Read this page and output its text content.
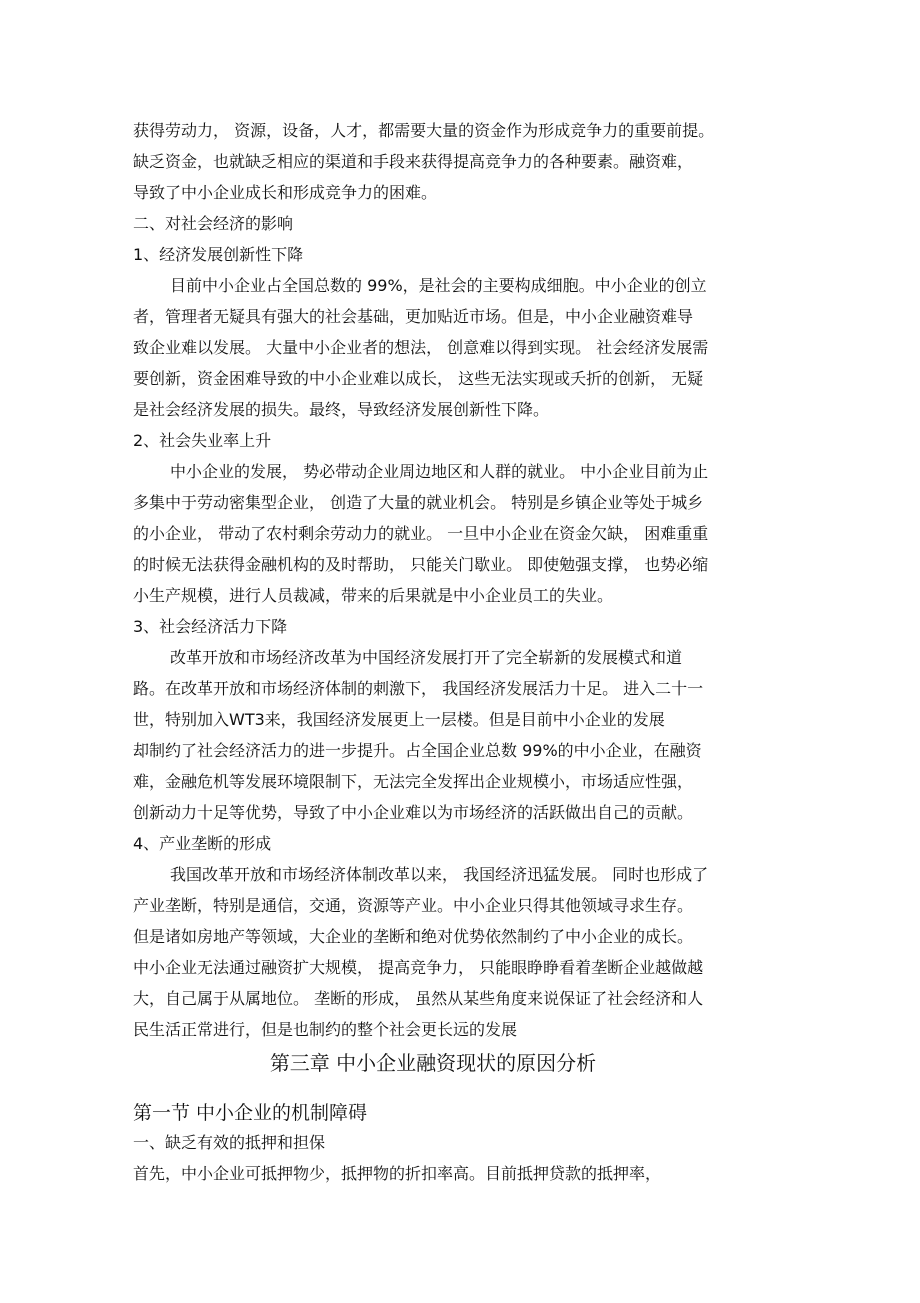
获得劳动力， 资源，设备，人才，都需要大量的资金作为形成竞争力的重要前提。
缺乏资金，也就缺乏相应的渠道和手段来获得提高竞争力的各种要素。融资难，
导致了中小企业成长和形成竞争力的困难。
二、对社会经济的影响
1、经济发展创新性下降
目前中小企业占全国总数的 99%，是社会的主要构成细胞。中小企业的创立
者，管理者无疑具有强大的社会基础，更加贴近市场。但是，中小企业融资难导
致企业难以发展。 大量中小企业者的想法， 创意难以得到实现。 社会经济发展需
要创新，资金困难导致的中小企业难以成长， 这些无法实现或夭折的创新， 无疑
是社会经济发展的损失。最终，导致经济发展创新性下降。
2、社会失业率上升
中小企业的发展， 势必带动企业周边地区和人群的就业。 中小企业目前为止
多集中于劳动密集型企业， 创造了大量的就业机会。 特别是乡镇企业等处于城乡
的小企业， 带动了农村剩余劳动力的就业。 一旦中小企业在资金欠缺， 困难重重
的时候无法获得金融机构的及时帮助， 只能关门歇业。 即使勉强支撑， 也势必缩
小生产规模，进行人员裁减，带来的后果就是中小企业员工的失业。
3、社会经济活力下降
改革开放和市场经济改革为中国经济发展打开了完全崭新的发展模式和道
路。在改革开放和市场经济体制的刺激下， 我国经济发展活力十足。 进入二十一
世，特别加入WT3来，我国经济发展更上一层楼。但是目前中小企业的发展
却制约了社会经济活力的进一步提升。占全国企业总数 99%的中小企业，在融资
难，金融危机等发展环境限制下，无法完全发挥出企业规模小，市场适应性强，
创新动力十足等优势，导致了中小企业难以为市场经济的活跃做出自己的贡献。
4、产业垄断的形成
我国改革开放和市场经济体制改革以来， 我国经济迅猛发展。 同时也形成了
产业垄断，特别是通信，交通，资源等产业。中小企业只得其他领域寻求生存。
但是诸如房地产等领域，大企业的垄断和绝对优势依然制约了中小企业的成长。
中小企业无法通过融资扩大规模， 提高竞争力， 只能眼睁睁看着垄断企业越做越
大，自己属于从属地位。 垄断的形成， 虽然从某些角度来说保证了社会经济和人
民生活正常进行，但是也制约的整个社会更长远的发展
第三章 中小企业融资现状的原因分析
第一节 中小企业的机制障碍
一、缺乏有效的抵押和担保
首先，中小企业可抵押物少，抵押物的折扣率高。目前抵押贷款的抵押率，
